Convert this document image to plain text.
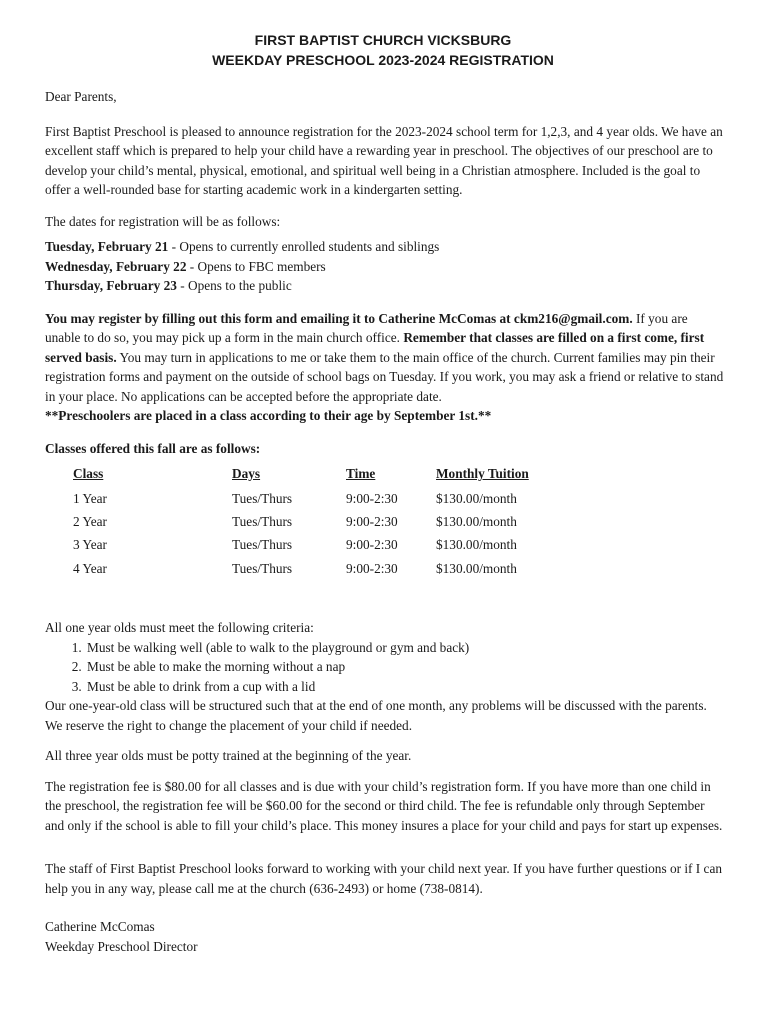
FIRST BAPTIST CHURCH VICKSBURG
WEEKDAY PRESCHOOL 2023-2024 REGISTRATION

Dear Parents,

First Baptist Preschool is pleased to announce registration for the 2023-2024 school term for 1,2,3, and 4 year olds. We have an excellent staff which is prepared to help your child have a rewarding year in preschool. The objectives of our preschool are to develop your child’s mental, physical, emotional, and spiritual well being in a Christian atmosphere. Included is the goal to offer a well-rounded base for starting academic work in a kindergarten setting.

The dates for registration will be as follows:

Tuesday, February 21 - Opens to currently enrolled students and siblings

Wednesday, February 22 - Opens to FBC members

Thursday, February 23 - Opens to the public

You may register by filling out this form and emailing it to Catherine McComas at ckm216@gmail.com. If you are unable to do so, you may pick up a form in the main church office. Remember that classes are filled on a first come, first served basis. You may turn in applications to me or take them to the main office of the church. Current families may pin their registration forms and payment on the outside of school bags on Tuesday. If you work, you may ask a friend or relative to stand in your place. No applications can be accepted before the appropriate date.
**Preschoolers are placed in a class according to their age by September 1st.**

Classes offered this fall are as follows:

Class	Days	Time	Monthly Tuition
1 Year	Tues/Thurs	9:00-2:30	$130.00/month
2 Year	Tues/Thurs	9:00-2:30	$130.00/month
3 Year	Tues/Thurs	9:00-2:30	$130.00/month
4 Year	Tues/Thurs	9:00-2:30	$130.00/month

All one year olds must meet the following criteria:

1. Must be walking well (able to walk to the playground or gym and back)
2. Must be able to make the morning without a nap
3. Must be able to drink from a cup with a lid

Our one-year-old class will be structured such that at the end of one month, any problems will be discussed with the parents. We reserve the right to change the placement of your child if needed.

All three year olds must be potty trained at the beginning of the year.

The registration fee is $80.00 for all classes and is due with your child’s registration form. If you have more than one child in the preschool, the registration fee will be $60.00 for the second or third child. The fee is refundable only through September and only if the school is able to fill your child’s place. This money insures a place for your child and pays for start up expenses.

The staff of First Baptist Preschool looks forward to working with your child next year. If you have further questions or if I can help you in any way, please call me at the church (636-2493) or home (738-0814).

Catherine McComas

Weekday Preschool Director
